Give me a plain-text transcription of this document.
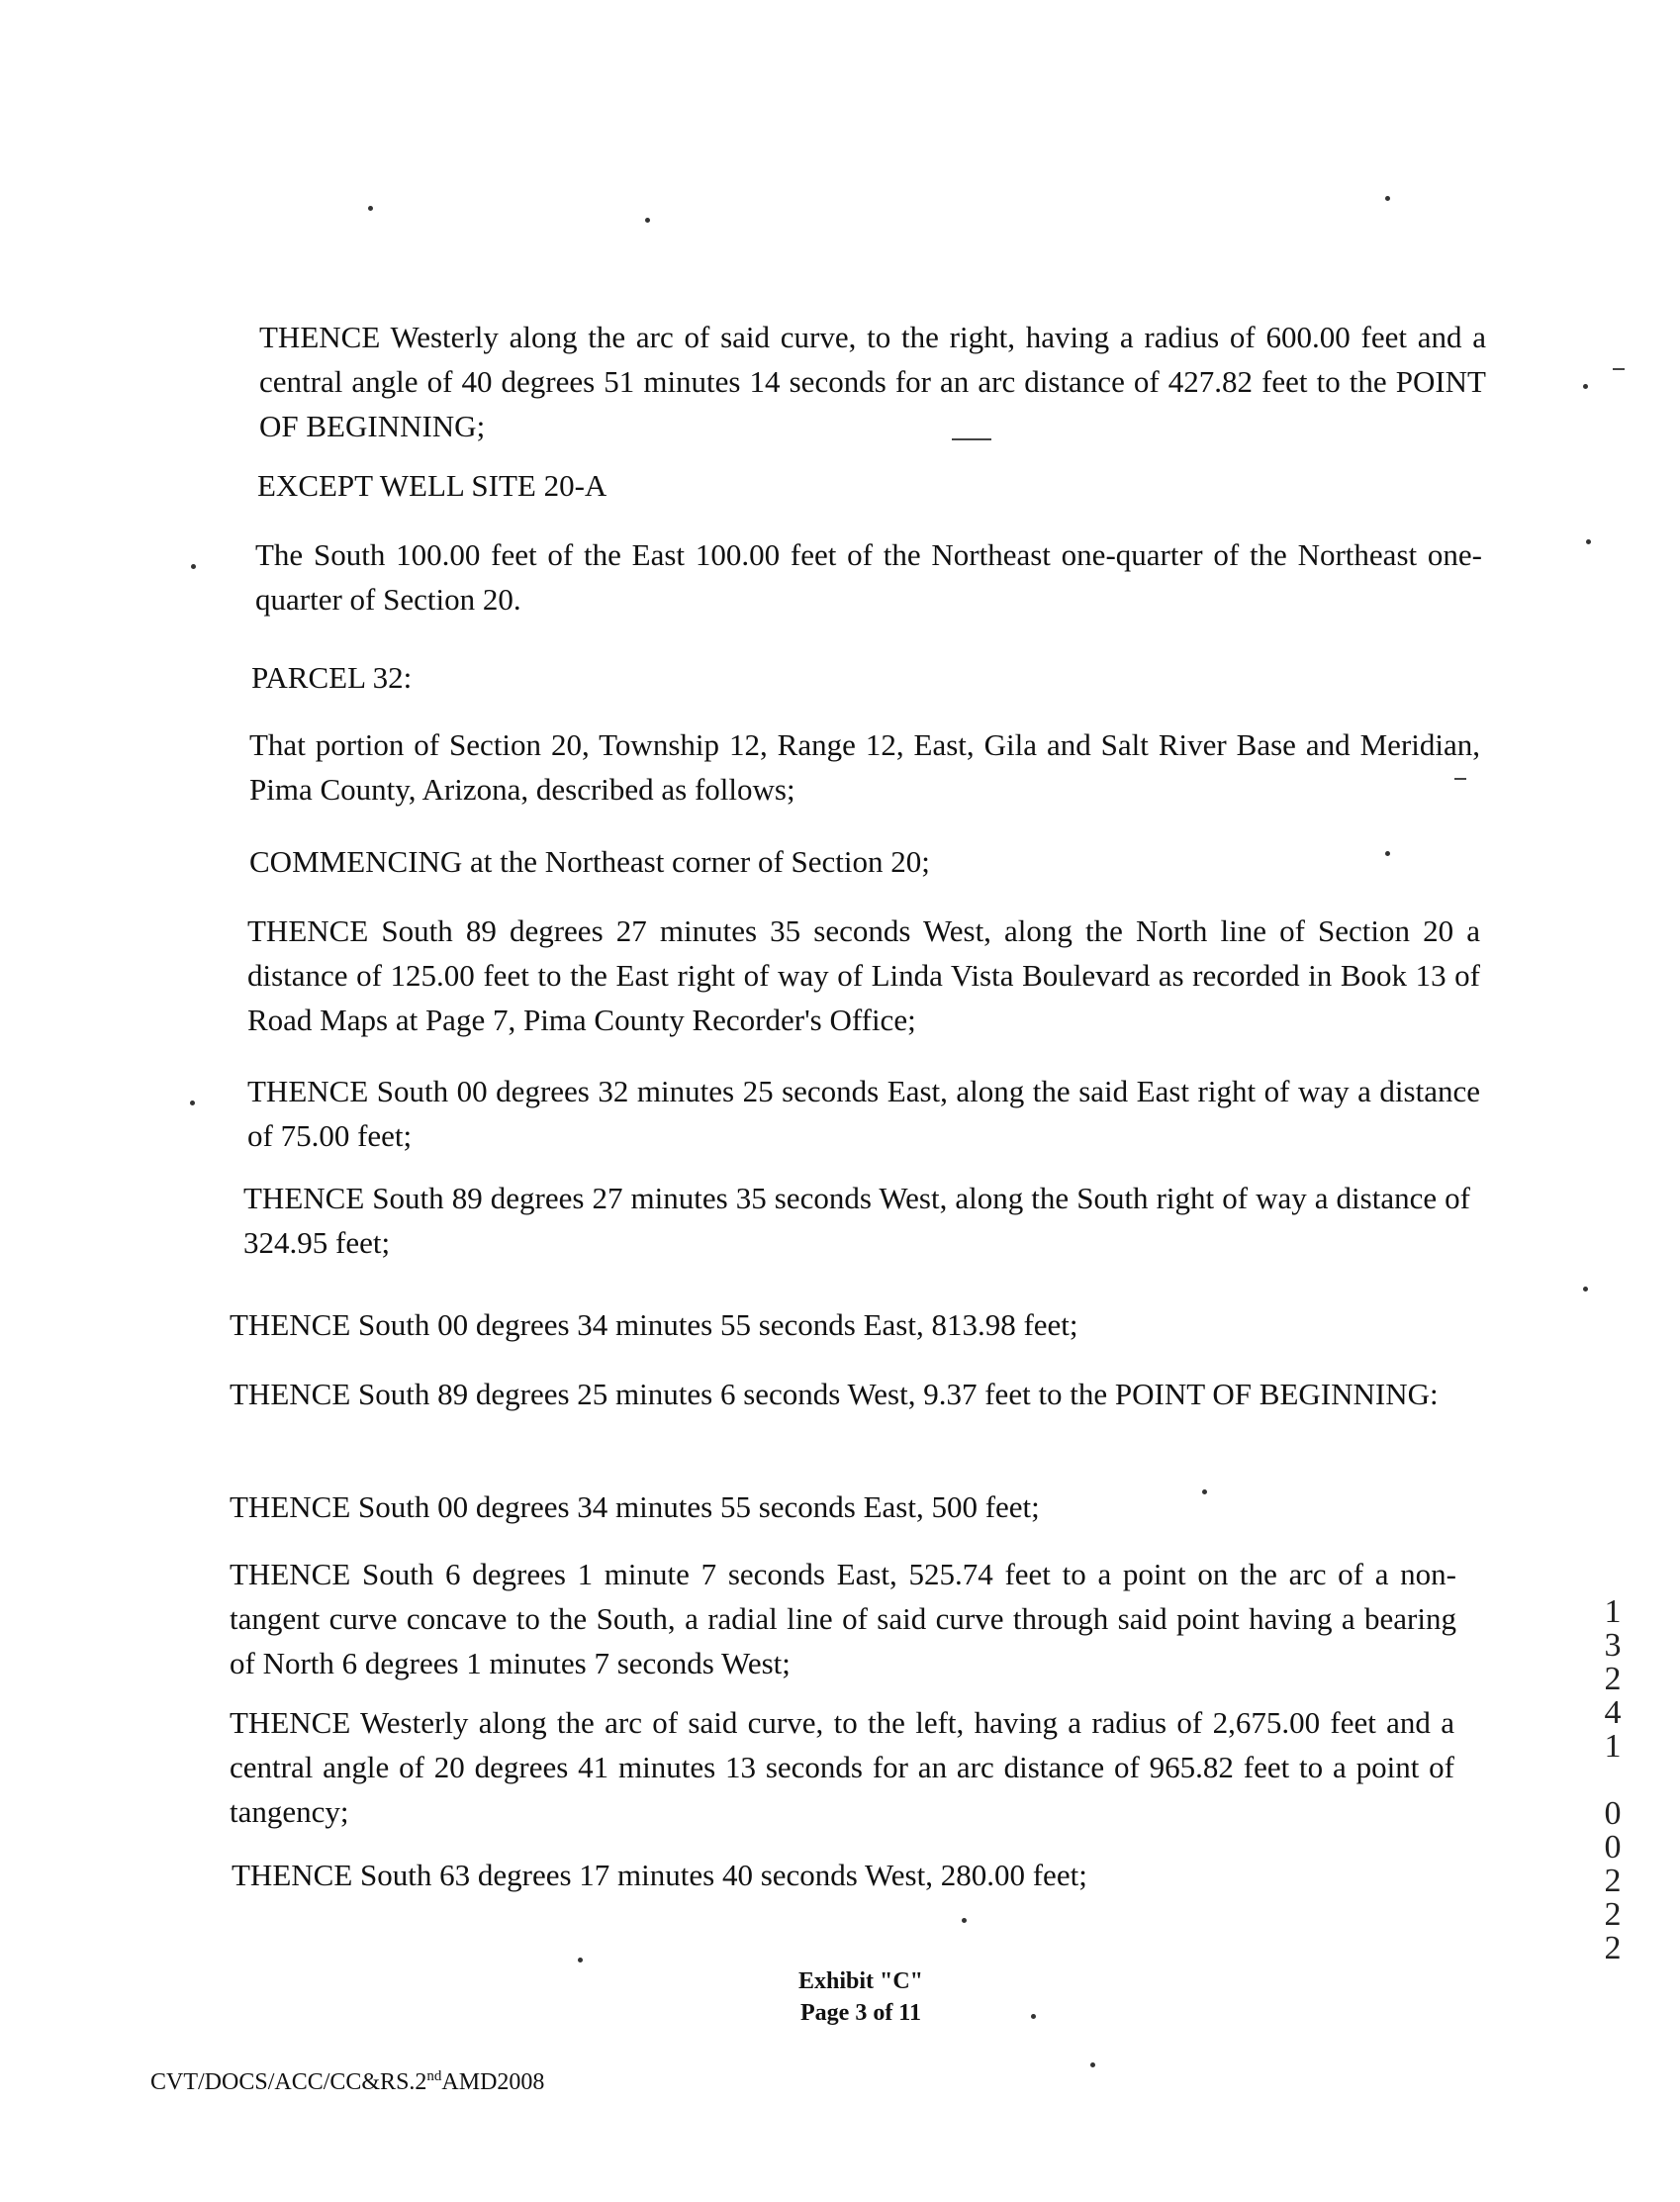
THENCE Westerly along the arc of said curve, to the right, having a radius of 600.00 feet and a central angle of 40 degrees 51 minutes 14 seconds for an arc distance of 427.82 feet to the POINT OF BEGINNING;

EXCEPT WELL SITE 20-A

The South 100.00 feet of the East 100.00 feet of the Northeast one-quarter of the Northeast one-quarter of Section 20.

PARCEL 32:

That portion of Section 20, Township 12, Range 12, East, Gila and Salt River Base and Meridian, Pima County, Arizona, described as follows;

COMMENCING at the Northeast corner of Section 20;

THENCE South 89 degrees 27 minutes 35 seconds West, along the North line of Section 20 a distance of 125.00 feet to the East right of way of Linda Vista Boulevard as recorded in Book 13 of Road Maps at Page 7, Pima County Recorder's Office;

THENCE South 00 degrees 32 minutes 25 seconds East, along the said East right of way a distance of 75.00 feet;

THENCE South 89 degrees 27 minutes 35 seconds West, along the South right of way a distance of 324.95 feet;

THENCE South 00 degrees 34 minutes 55 seconds East, 813.98 feet;

THENCE South 89 degrees 25 minutes 6 seconds West, 9.37 feet to the POINT OF BEGINNING:

THENCE South 00 degrees 34 minutes 55 seconds East, 500 feet;

THENCE South 6 degrees 1 minute 7 seconds East, 525.74 feet to a point on the arc of a non-tangent curve concave to the South, a radial line of said curve through said point having a bearing of North 6 degrees 1 minutes 7 seconds West;

THENCE Westerly along the arc of said curve, to the left, having a radius of 2,675.00 feet and a central angle of 20 degrees 41 minutes 13 seconds for an arc distance of 965.82 feet to a point of tangency;

THENCE South 63 degrees 17 minutes 40 seconds West, 280.00 feet;

Exhibit "C"
Page 3 of 11
CVT/DOCS/ACC/CC&RS.2ndAMD2008
1
3
2
4
1

0
0
2
2
2
